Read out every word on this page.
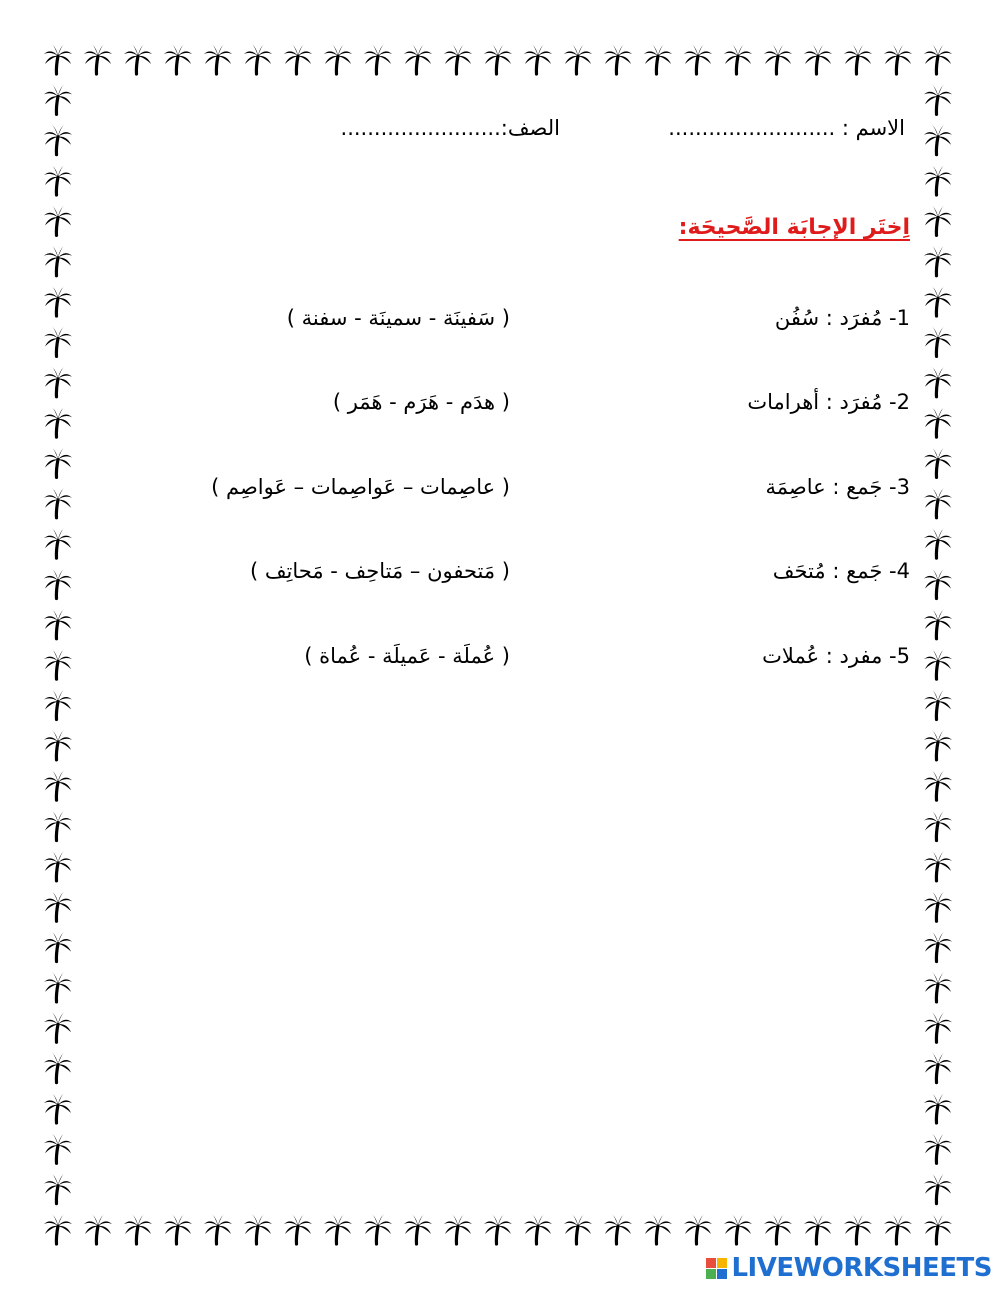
الاسم : .........................
الصف:........................
اِختَر الإجابَة الصَّحيحَة:
1- مُفرَد : سُفُن
( سَفينَة - سمينَة - سفنة )
2- مُفرَد : أهرامات
( هدَم - هَرَم - هَمَر )
3- جَمع : عاصِمَة
( عاصِمات – عَواصِمات – عَواصِم )
4- جَمع : مُتحَف
( مَتحفون – مَتاحِف - مَحاتِف )
5- مفرد : عُملات
( عُملَة - عَميلَة - عُماة )
LIVEWORKSHEETS
